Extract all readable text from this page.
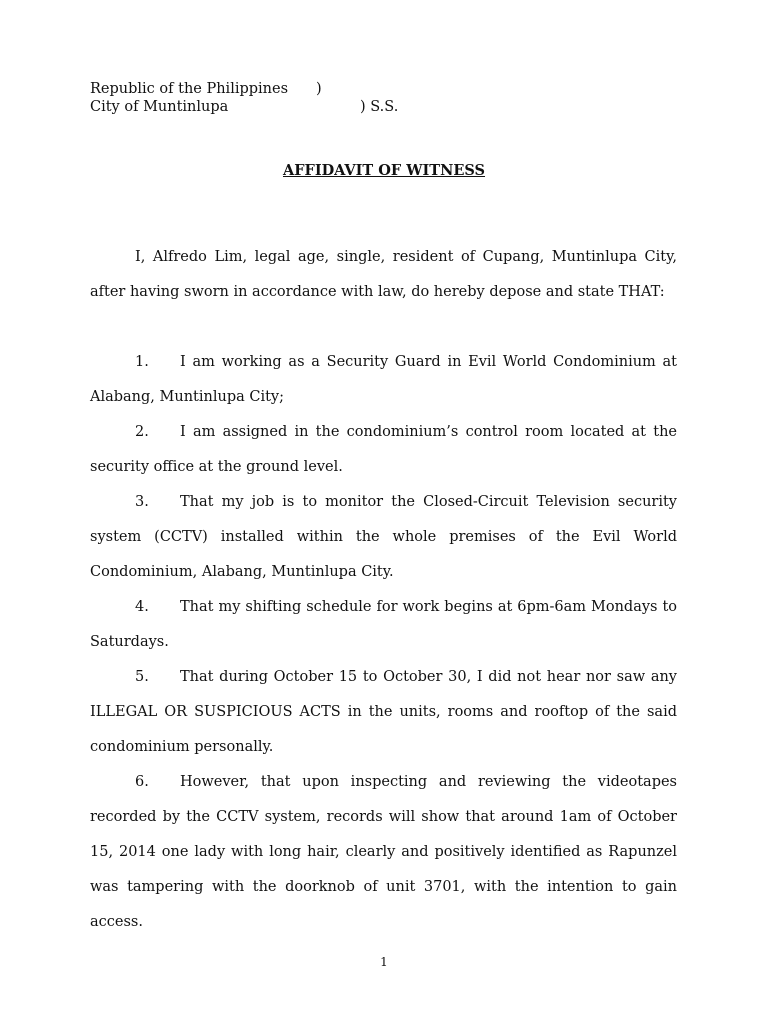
Republic of the Philippines )
City of Muntinlupa	) S.S.
AFFIDAVIT OF WITNESS
I, Alfredo Lim, legal age, single, resident of Cupang, Muntinlupa City, after having sworn in accordance with law, do hereby depose and state THAT:

1. I am working as a Security Guard in Evil World Condominium at Alabang, Muntinlupa City;

2. I am assigned in the condominium’s control room located at the security office at the ground level.

3. That my job is to monitor the Closed-Circuit Television security system (CCTV) installed within the whole premises of the Evil World Condominium, Alabang, Muntinlupa City.

4. That my shifting schedule for work begins at 6pm-6am Mondays to Saturdays.

5. That during October 15 to October 30, I did not hear nor saw any ILLEGAL OR SUSPICIOUS ACTS in the units, rooms and rooftop of the said condominium personally.

6. However, that upon inspecting and reviewing the videotapes recorded by the CCTV system, records will show that around 1am of October 15, 2014 one lady with long hair, clearly and positively identified as Rapunzel was tampering with the doorknob of unit 3701, with the intention to gain access.

1
